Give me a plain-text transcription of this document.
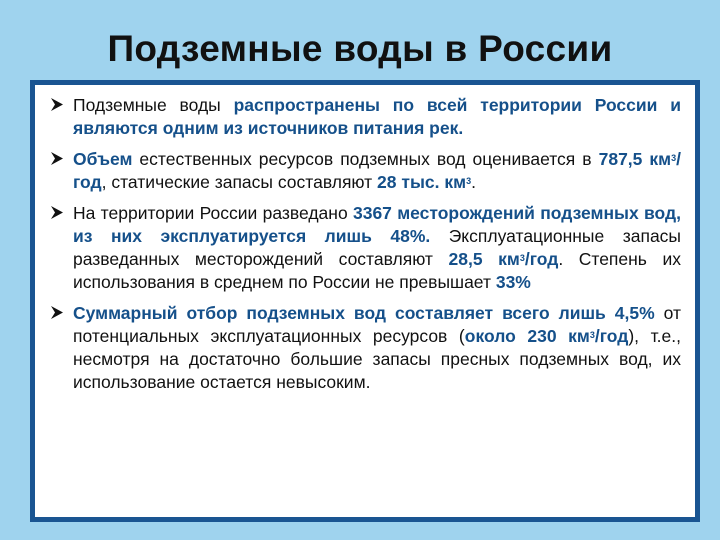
Подземные воды в России
Подземные воды распространены по всей территории России и являются одним из источников питания рек.
Объем естественных ресурсов подземных вод оценивается в 787,5 $км^3$/год, статические запасы составляют 28 тыс. $км^3$.
На территории России разведано 3367 месторождений подземных вод, из них эксплуатируется лишь 48%. Эксплуатационные запасы разведанных месторождений составляют 28,5 $км^3$/год. Степень их использования в среднем по России не превышает 33%
Суммарный отбор подземных вод составляет всего лишь 4,5% от потенциальных эксплуатационных ресурсов (около 230 $км^3/год$), т.е., несмотря на достаточно большие запасы пресных подземных вод, их использование остается невысоким.
